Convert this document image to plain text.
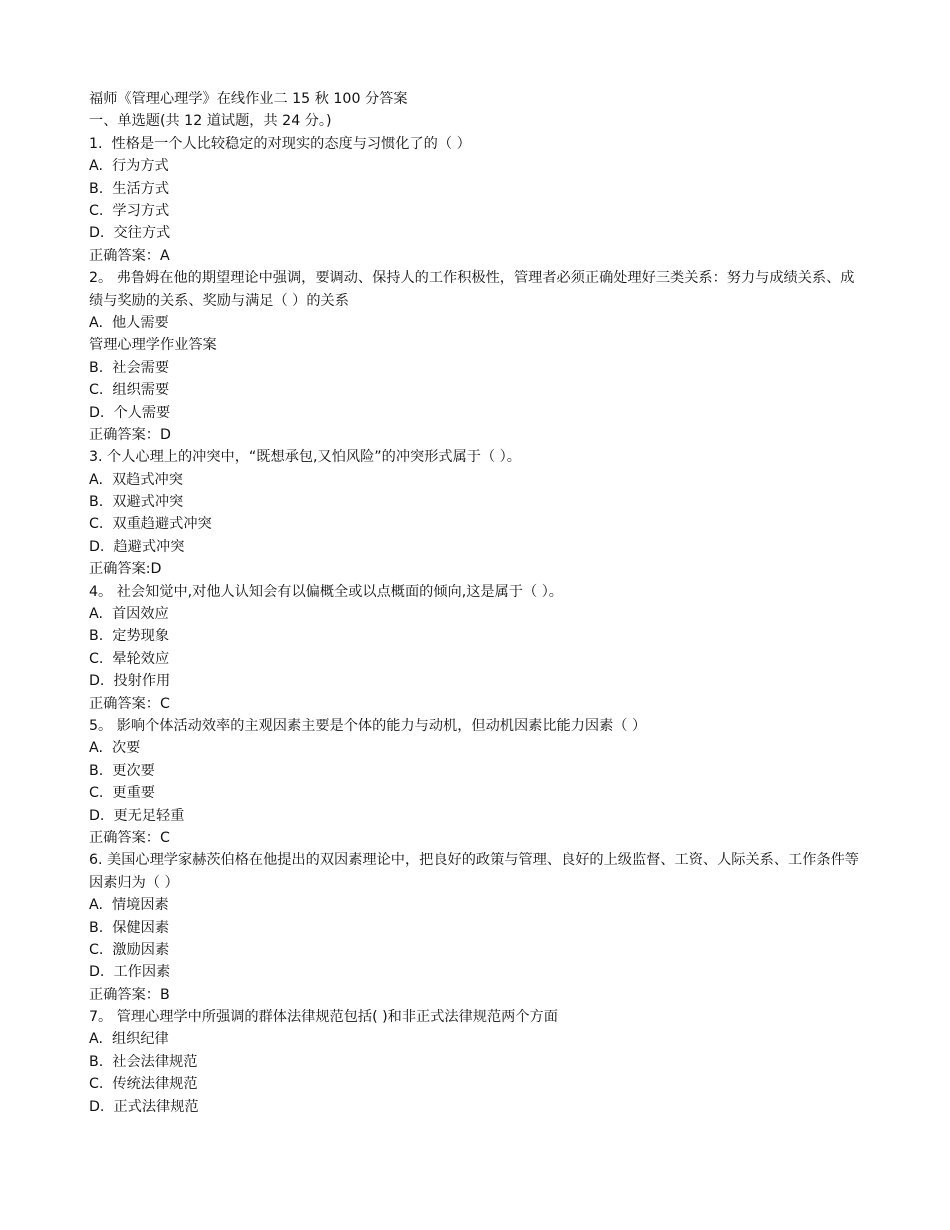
福师《管理心理学》在线作业二 15 秋 100 分答案
一、单选题(共 12 道试题，共 24 分。)
1.  性格是一个人比较稳定的对现实的态度与习惯化了的（ ）
A.  行为方式
B.  生活方式
C.  学习方式
D.  交往方式
正确答案：A
2。 弗鲁姆在他的期望理论中强调，要调动、保持人的工作积极性，管理者必须正确处理好三类关系：努力与成绩关系、成绩与奖励的关系、奖励与满足（ ）的关系
A.  他人需要
管理心理学作业答案
B.  社会需要
C.  组织需要
D.  个人需要
正确答案：D
3. 个人心理上的冲突中，“既想承包,又怕风险”的冲突形式属于（ ）。
A.  双趋式冲突
B.  双避式冲突
C.  双重趋避式冲突
D.  趋避式冲突
正确答案:D
4。 社会知觉中,对他人认知会有以偏概全或以点概面的倾向,这是属于（ ）。
A.  首因效应
B.  定势现象
C.  晕轮效应
D.  投射作用
正确答案：C
5。 影响个体活动效率的主观因素主要是个体的能力与动机，但动机因素比能力因素（ ）
A.  次要
B.  更次要
C.  更重要
D.  更无足轻重
正确答案：C
6. 美国心理学家赫茨伯格在他提出的双因素理论中，把良好的政策与管理、良好的上级监督、工资、人际关系、工作条件等因素归为（ ）
A.  情境因素
B.  保健因素
C.  激励因素
D.  工作因素
正确答案：B
7。 管理心理学中所强调的群体法律规范包括( )和非正式法律规范两个方面
A.  组织纪律
B.  社会法律规范
C.  传统法律规范
D.  正式法律规范
